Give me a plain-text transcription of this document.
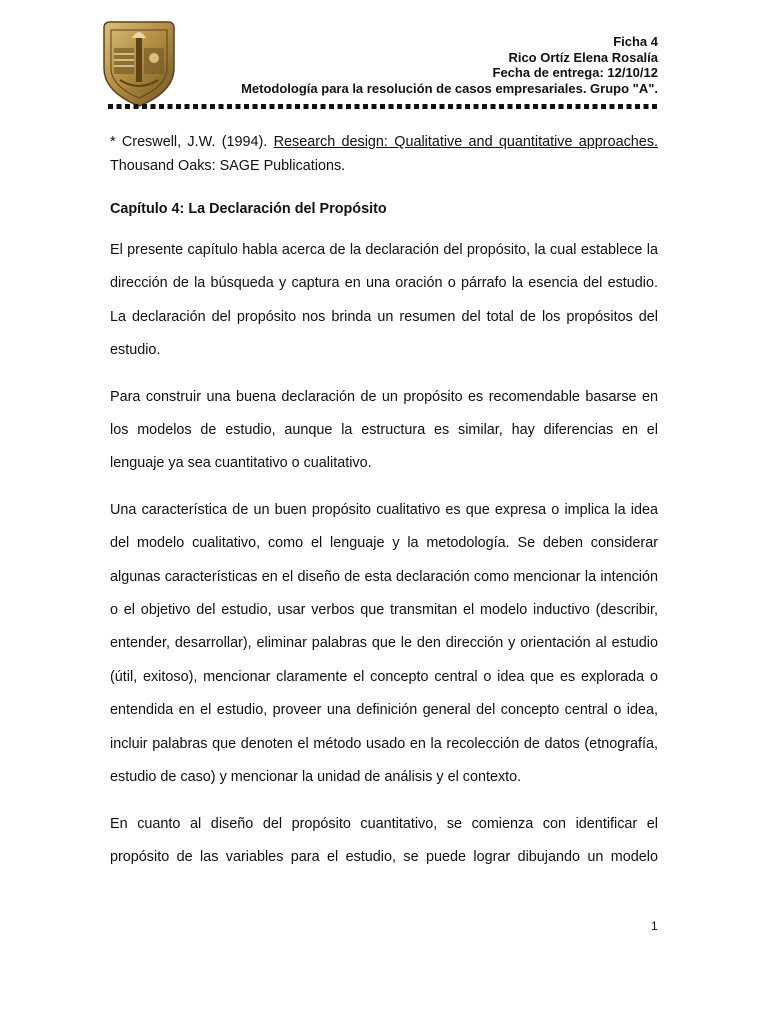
Ficha 4
Rico Ortíz Elena Rosalía
Fecha de entrega: 12/10/12
Metodología para la resolución de casos empresariales. Grupo "A".

* Creswell, J.W. (1994). Research design: Qualitative and quantitative approaches. Thousand Oaks: SAGE Publications.

Capítulo 4: La Declaración del Propósito

El presente capítulo habla acerca de la declaración del propósito, la cual establece la dirección de la búsqueda y captura en una oración o párrafo la esencia del estudio. La declaración del propósito nos brinda un resumen del total de los propósitos del estudio.

Para construir una buena declaración de un propósito es recomendable basarse en los modelos de estudio, aunque la estructura es similar, hay diferencias en el lenguaje ya sea cuantitativo o cualitativo.

Una característica de un buen propósito cualitativo es que expresa o implica la idea del modelo cualitativo, como el lenguaje y la metodología. Se deben considerar algunas características en el diseño de esta declaración como mencionar la intención o el objetivo del estudio, usar verbos que transmitan el modelo inductivo (describir, entender, desarrollar), eliminar palabras que le den dirección y orientación al estudio (útil, exitoso), mencionar claramente el concepto central o idea que es explorada o entendida en el estudio, proveer una definición general del concepto central o idea, incluir palabras que denoten el método usado en la recolección de datos (etnografía, estudio de caso) y mencionar la unidad de análisis y el contexto.

En cuanto al diseño del propósito cuantitativo, se comienza con identificar el propósito de las variables para el estudio, se puede lograr dibujando un modelo

1
